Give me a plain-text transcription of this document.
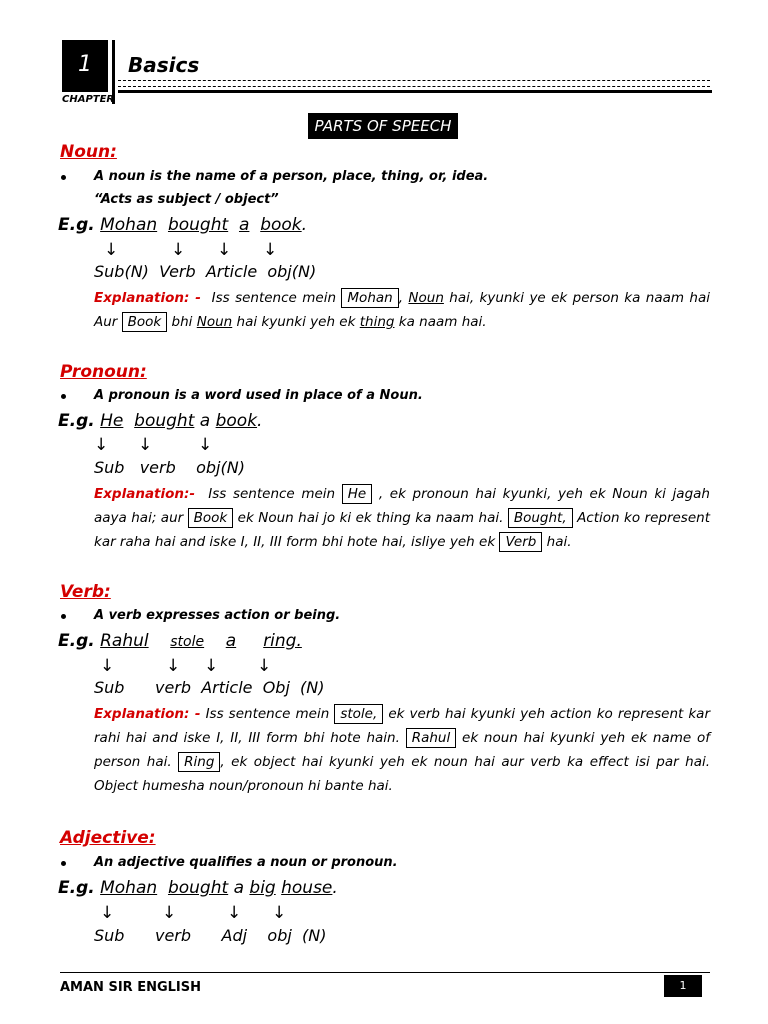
1	Basics
CHAPTER
PARTS OF SPEECH
Noun:
A noun is the name of a person, place, thing, or, idea.
“Acts as subject / object”
E.g. Mohan bought a book.
↓	↓ ↓ ↓
Sub(N)  Verb  Article  obj(N)
Explanation: - Iss sentence mein Mohan , Noun hai, kyunki ye ek person ka naam hai Aur Book bhi Noun hai kyunki yeh ek thing ka naam hai.
Pronoun:
A pronoun is a word used in place of a Noun.
E.g. He bought a book.
↓ ↓	↓
Sub   verb    obj(N)
Explanation:- Iss sentence mein He , ek pronoun hai kyunki, yeh ek Noun ki jagah aaya hai; aur Book ek Noun hai jo ki ek thing ka naam hai. Bought, Action ko represent kar raha hai and iske I, II, III form bhi hote hai, isliye yeh ek Verb hai.
Verb:
A verb expresses action or being.
E.g. Rahul stole a ring.
↓	↓ ↓ ↓
Sub      verb  Article  Obj  (N)
Explanation: - Iss sentence mein stole, ek verb hai kyunki yeh action ko represent kar rahi hai and iske I, II, III form bhi hote hain. Rahul ek noun hai kyunki yeh ek name of person hai. Ring , ek object hai kyunki yeh ek noun hai aur verb ka effect isi par hai. Object humesha noun/pronoun hi bante hai.
Adjective:
An adjective qualifies a noun or pronoun.
E.g. Mohan bought a big house.
↓	↓	↓ ↓
Sub      verb      Adj    obj  (N)
AMAN SIR ENGLISH	1
